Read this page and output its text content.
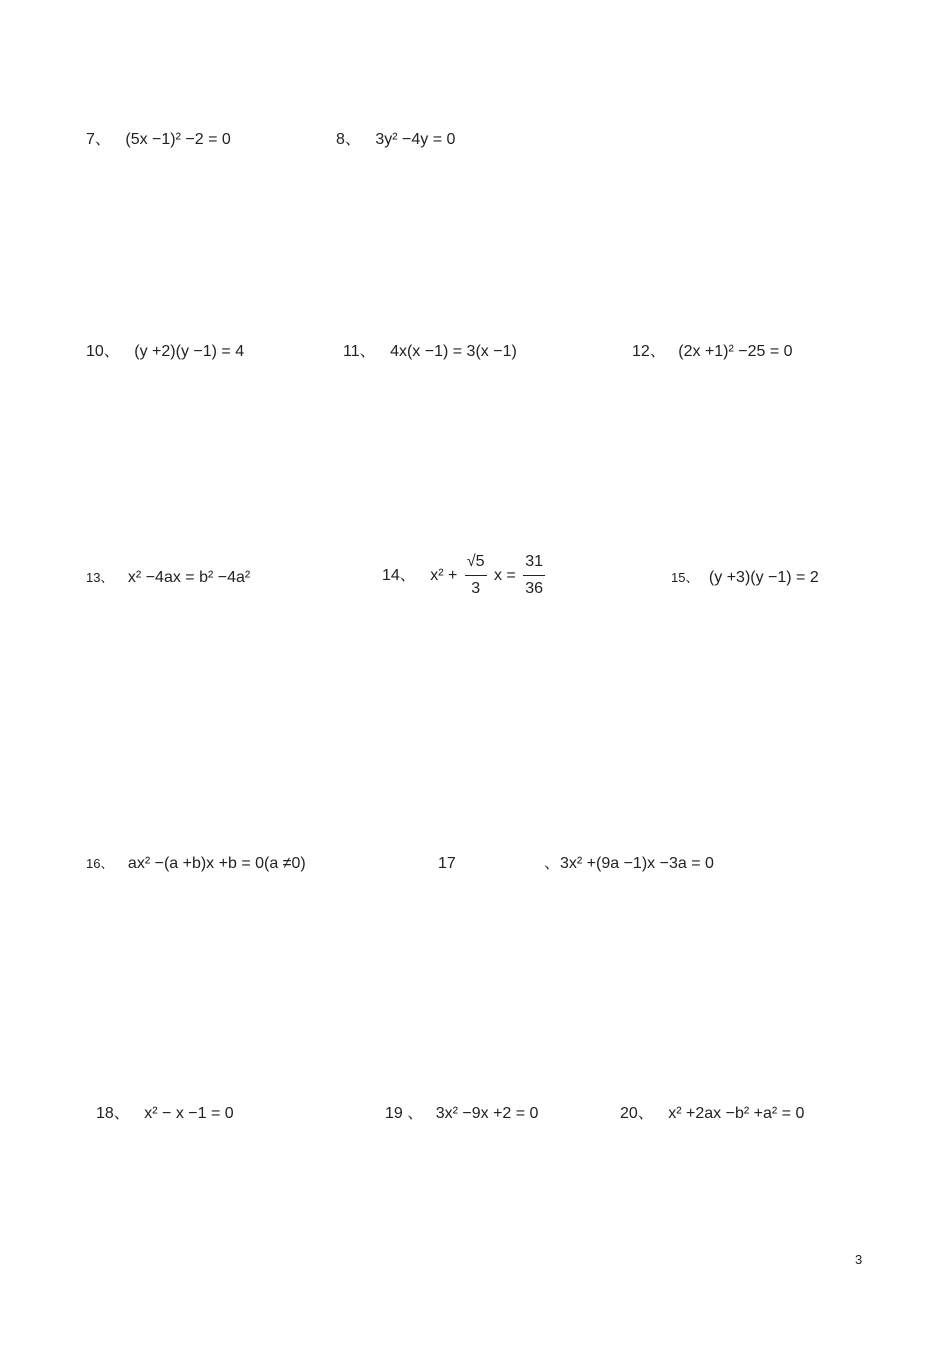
7、 (5x −1)² −2 = 0	8、 3y² −4y = 0
10、 (y +2)(y −1) = 4	11、 4x(x −1) = 3(x −1)	12、 (2x +1)² −25 = 0
13、 x² −4ax = b² −4a²	14、 $x^2 + \frac{√5}{3}$ $x = \frac{31}{36}$	15、 (y +3)(y −1) = 2
16、 ax² −(a +b)x +b = 0(a ≠0)	17	、3x² +(9a −1)x −3a = 0
18、 x² − x −1 = 0	19 、 3x² −9x +2 = 0	20、 x² +2ax −b² +a² = 0
3
